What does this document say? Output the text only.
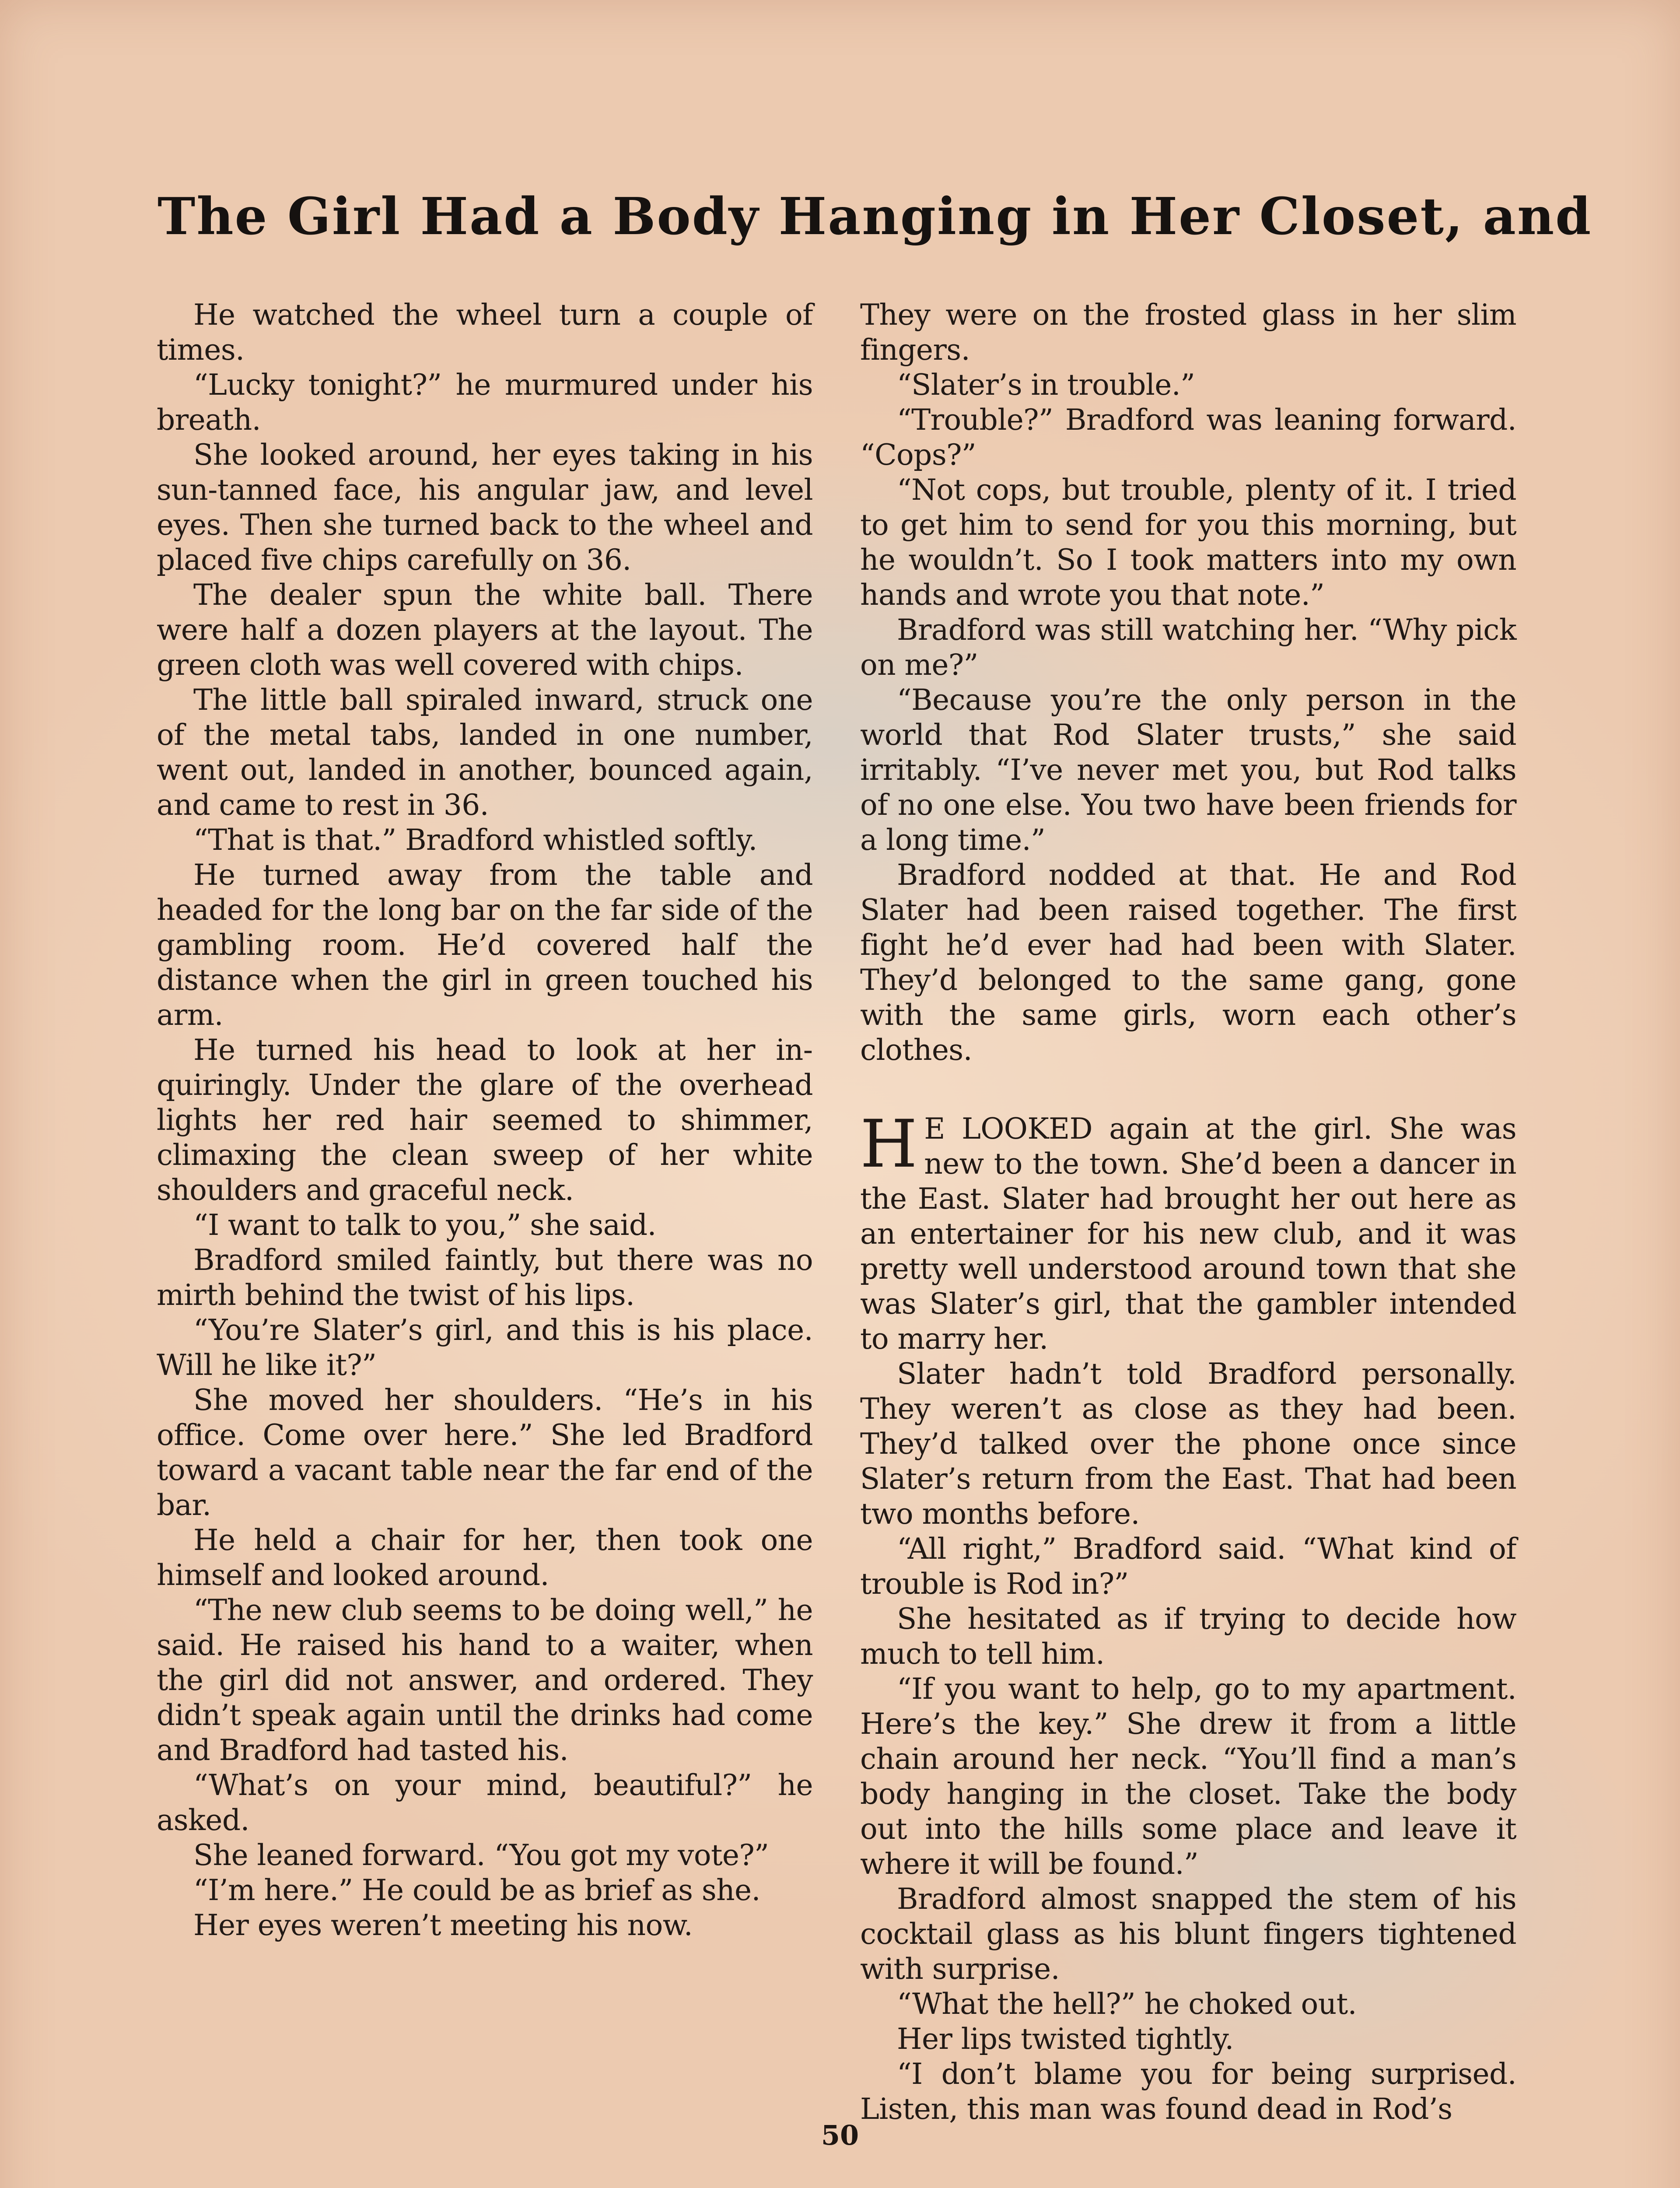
The Girl Had a Body Hanging in Her Closet, and

He watched the wheel turn a couple of times.

“Lucky tonight?” he murmured under his breath.

She looked around, her eyes taking in his sun-tanned face, his angular jaw, and level eyes. Then she turned back to the wheel and placed five chips carefully on 36.

The dealer spun the white ball. There were half a dozen players at the layout. The green cloth was well covered with chips.

The little ball spiraled inward, struck one of the metal tabs, landed in one number, went out, landed in another, bounced again, and came to rest in 36.

“That is that.” Bradford whistled softly.

He turned away from the table and headed for the long bar on the far side of the gambling room. He’d covered half the distance when the girl in green touched his arm.

He turned his head to look at her inquiringly. Under the glare of the overhead lights her red hair seemed to shimmer, climaxing the clean sweep of her white shoulders and graceful neck.

“I want to talk to you,” she said.

Bradford smiled faintly, but there was no mirth behind the twist of his lips.

“You’re Slater’s girl, and this is his place. Will he like it?”

She moved her shoulders. “He’s in his office. Come over here.” She led Bradford toward a vacant table near the far end of the bar.

He held a chair for her, then took one himself and looked around.

“The new club seems to be doing well,” he said. He raised his hand to a waiter, when the girl did not answer, and ordered. They didn’t speak again until the drinks had come and Bradford had tasted his.

“What’s on your mind, beautiful?” he asked.

She leaned forward. “You got my vote?”

“I’m here.” He could be as brief as she.

Her eyes weren’t meeting his now.

They were on the frosted glass in her slim fingers.

“Slater’s in trouble.”

“Trouble?” Bradford was leaning forward. “Cops?”

“Not cops, but trouble, plenty of it. I tried to get him to send for you this morning, but he wouldn’t. So I took matters into my own hands and wrote you that note.”

Bradford was still watching her. “Why pick on me?”

“Because you’re the only person in the world that Rod Slater trusts,” she said irritably. “I’ve never met you, but Rod talks of no one else. You two have been friends for a long time.”

Bradford nodded at that. He and Rod Slater had been raised together. The first fight he’d ever had had been with Slater. They’d belonged to the same gang, gone with the same girls, worn each other’s clothes.

H E LOOKED again at the girl. She was new to the town. She’d been a dancer in the East. Slater had brought her out here as an entertainer for his new club, and it was pretty well understood around town that she was Slater’s girl, that the gambler intended to marry her.

Slater hadn’t told Bradford personally. They weren’t as close as they had been. They’d talked over the phone once since Slater’s return from the East. That had been two months before.

“All right,” Bradford said. “What kind of trouble is Rod in?”

She hesitated as if trying to decide how much to tell him.

“If you want to help, go to my apartment. Here’s the key.” She drew it from a little chain around her neck. “You’ll find a man’s body hanging in the closet. Take the body out into the hills some place and leave it where it will be found.”

Bradford almost snapped the stem of his cocktail glass as his blunt fingers tightened with surprise.

“What the hell?” he choked out.

Her lips twisted tightly.

“I don’t blame you for being surprised. Listen, this man was found dead in Rod’s

50
